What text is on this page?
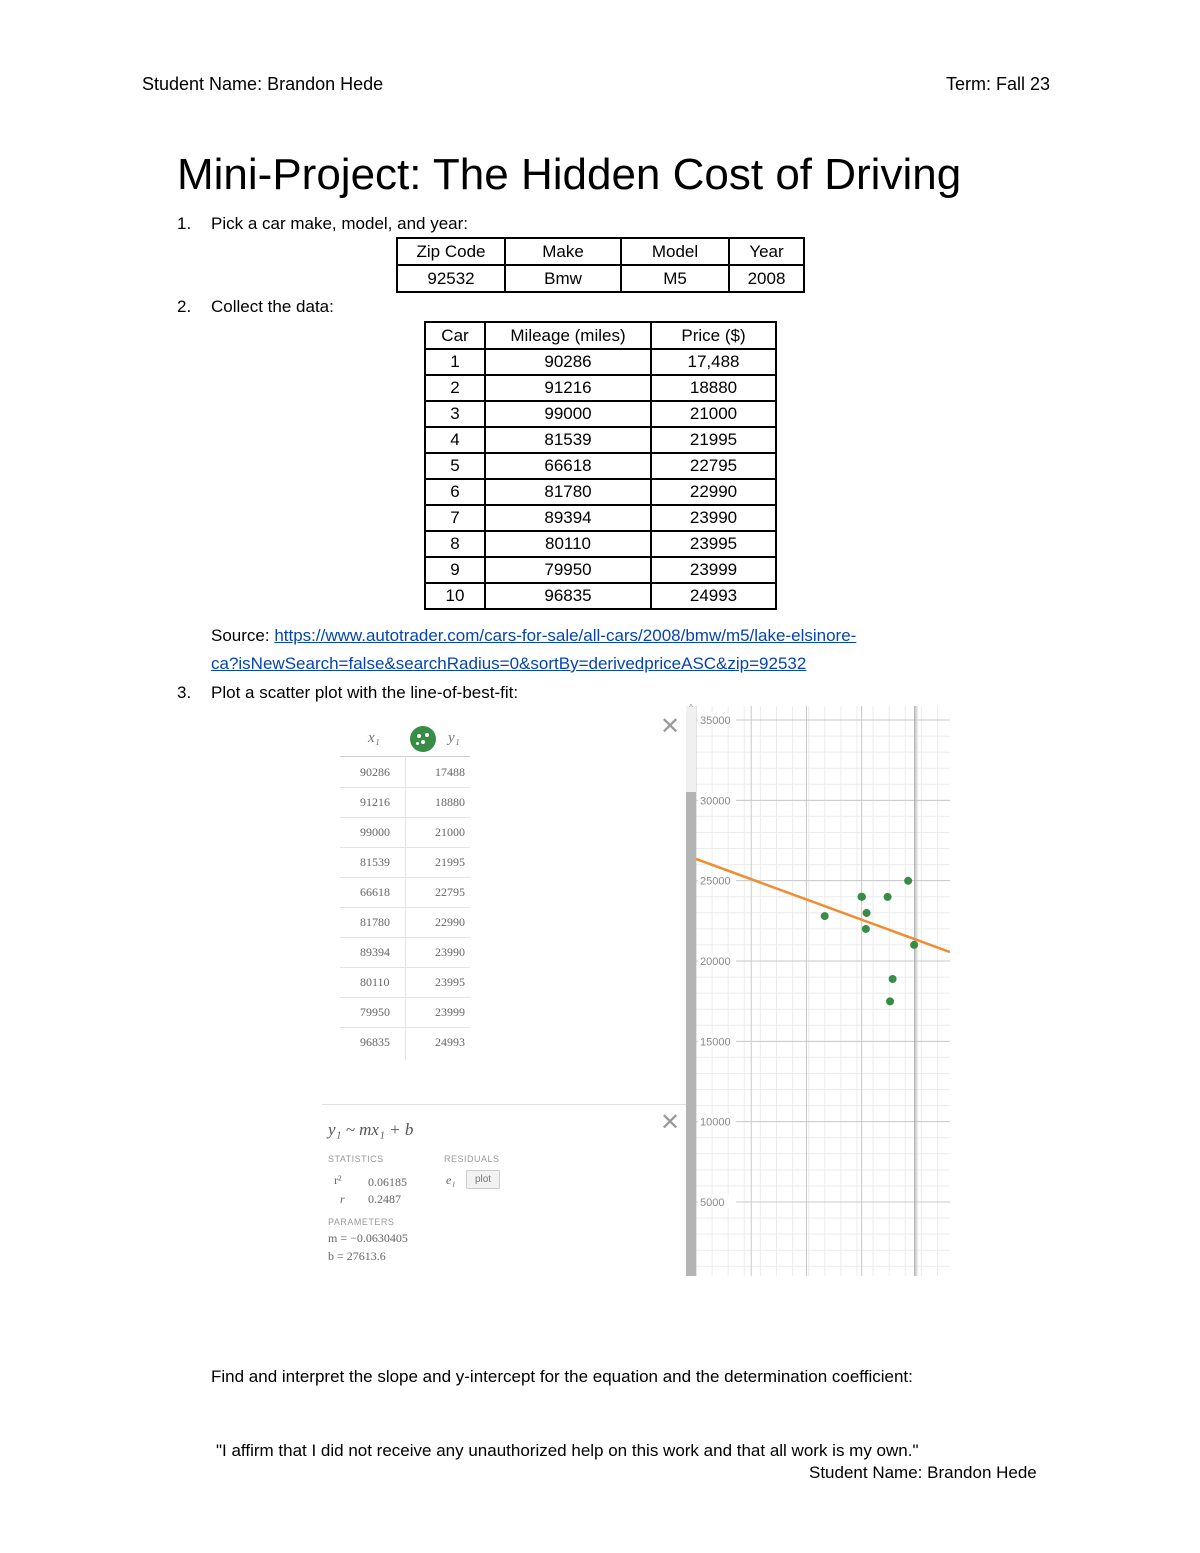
Student Name: Brandon Hede	Term: Fall 23
Mini-Project: The Hidden Cost of Driving
1. Pick a car make, model, and year:
Zip Code	Make	Model	Year
92532	Bmw	M5	2008
2. Collect the data:
Car	Mileage (miles)	Price ($)
1	90286	17,488
2	91216	18880
3	99000	21000
4	81539	21995
5	66618	22795
6	81780	22990
7	89394	23990
8	80110	23995
9	79950	23999
10	96835	24993
Source: https://www.autotrader.com/cars-for-sale/all-cars/2008/bmw/m5/lake-elsinore-
ca?isNewSearch=false&searchRadius=0&sortBy=derivedpriceASC&zip=92532
3. Plot a scatter plot with the line-of-best-fit:
x₁	y₁
90286	17488
91216	18880
99000	21000
81539	21995
66618	22795
81780	22990
89394	23990
80110	23995
79950	23999
96835	24993
✕
✕
y₁ ~ mx₁ + b
STATISTICS	RESIDUALS
r² 0.06185
r 0.2487
e₁	plot
PARAMETERS
m = −0.0630405
b = 27613.6
^
35000
30000
25000
20000
15000
10000
5000
Find and interpret the slope and y-intercept for the equation and the determination coefficient:
"I affirm that I did not receive any unauthorized help on this work and that all work is my own."
Student Name: Brandon Hede
